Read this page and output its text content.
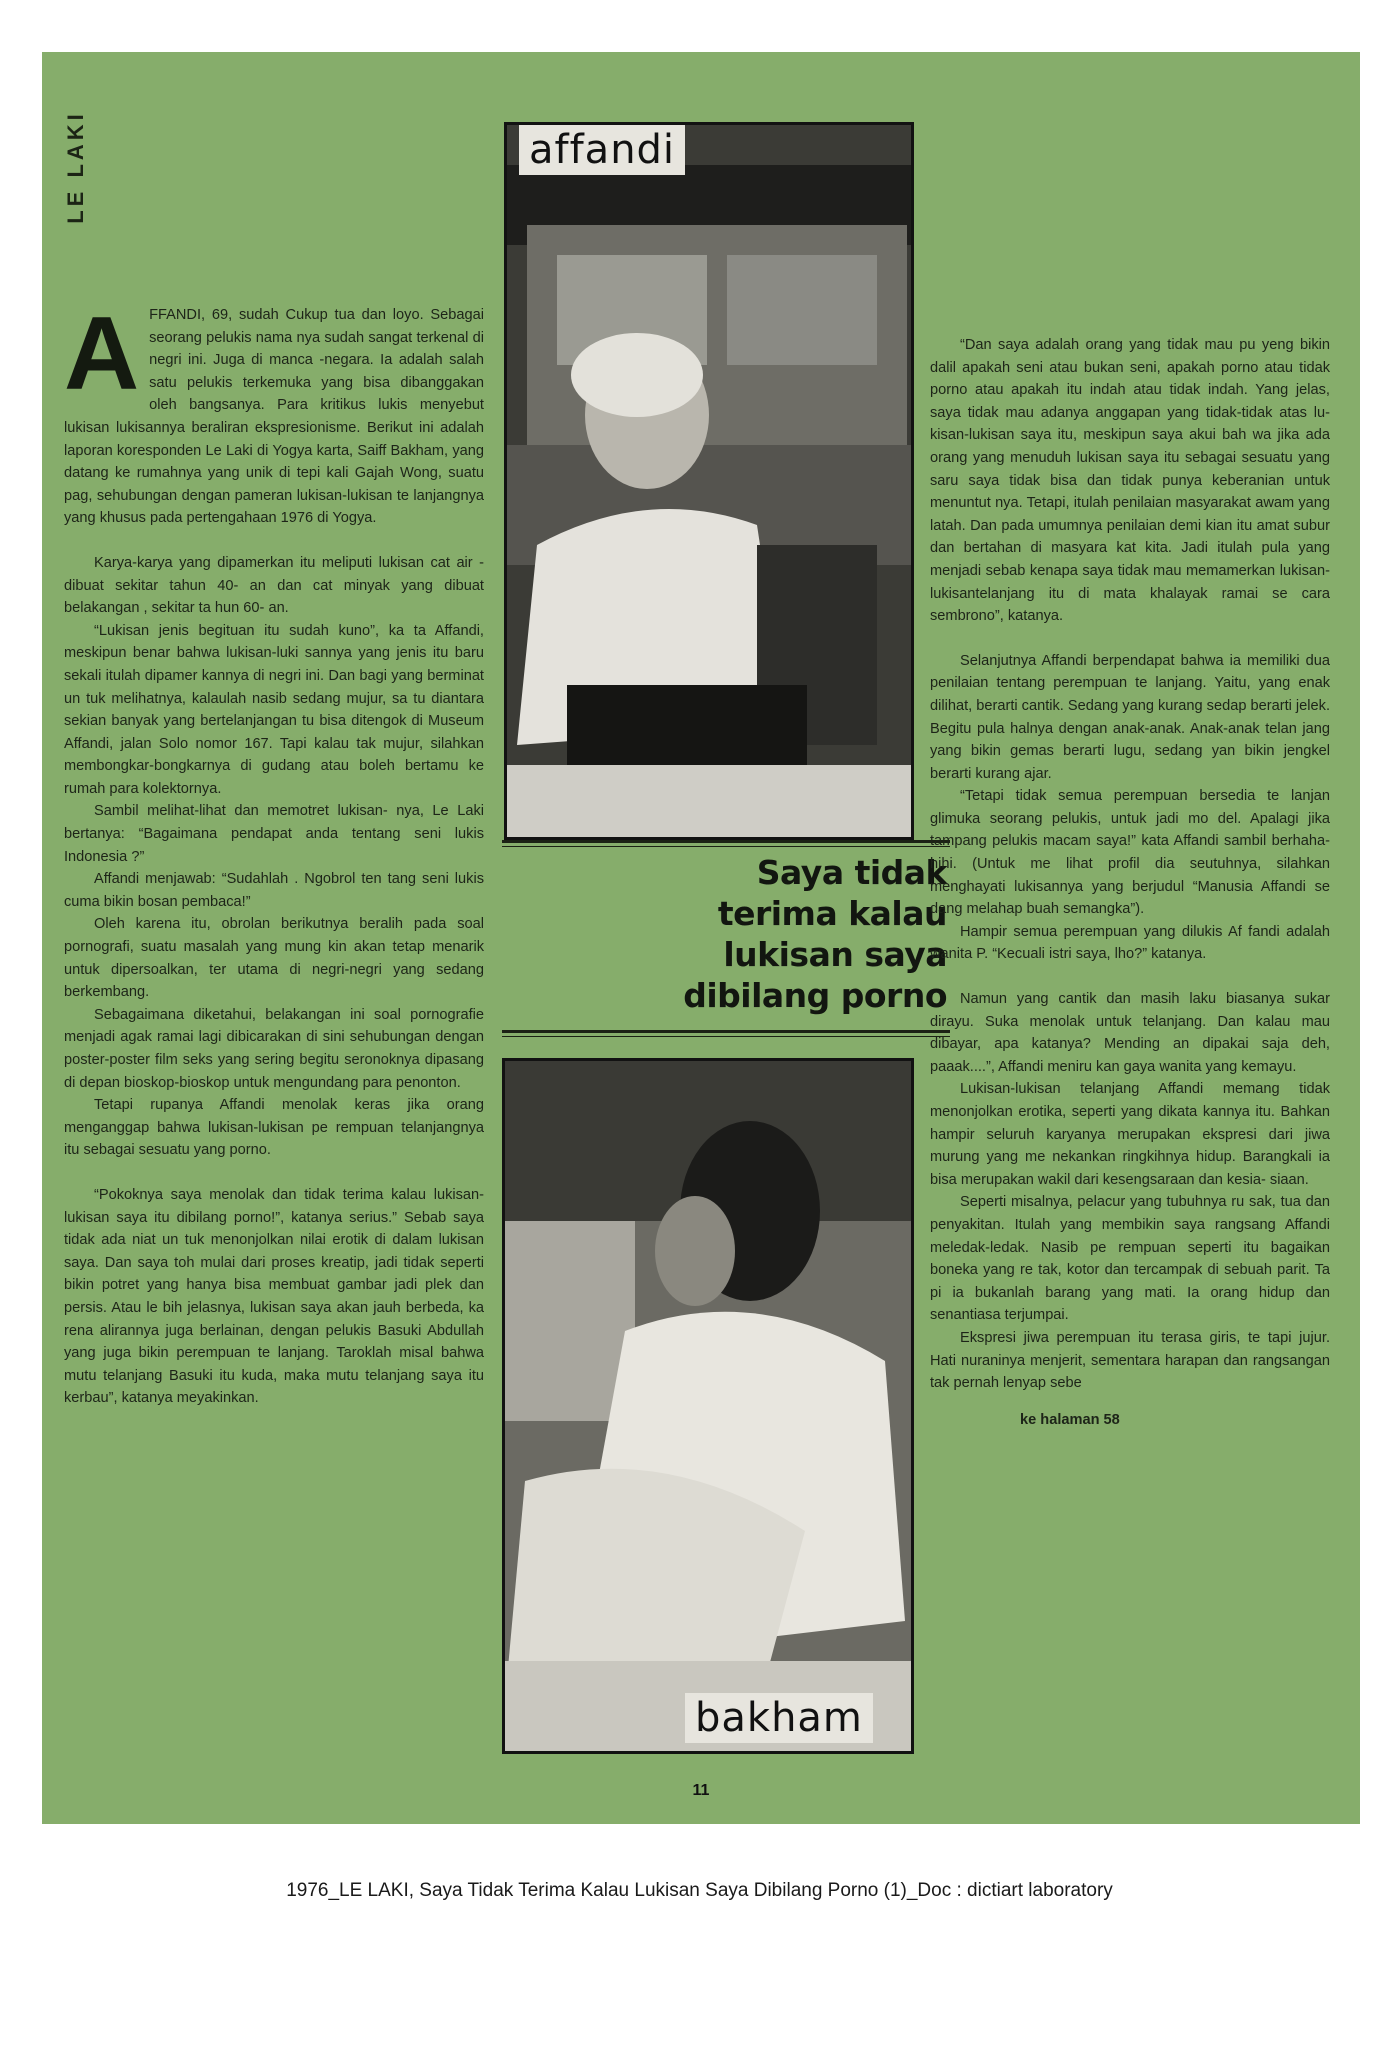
LE LAKI	affandi
Saya tidak
terima kalau
lukisan saya
dibilang porno
bakham
A FFANDI, 69, sudah Cukup tua dan loyo. Sebagai seorang pelukis nama nya sudah sangat terkenal di negri ini. Juga di manca -negara. Ia adalah salah satu pelukis terkemuka yang bisa dibanggakan oleh bangsanya. Para kritikus lukis menyebut lukisan lukisannya beraliran ekspresionisme. Berikut ini adalah laporan koresponden Le Laki di Yogya karta, Saiff Bakham, yang datang ke rumahnya yang unik di tepi kali Gajah Wong, suatu pag, sehubungan dengan pameran lukisan-lukisan te lanjangnya yang khusus pada pertengahaan 1976 di Yogya.

Karya-karya yang dipamerkan itu meliputi lukisan cat air - dibuat sekitar tahun 40- an dan cat minyak yang dibuat belakangan , sekitar ta hun 60- an.

“Lukisan jenis begituan itu sudah kuno”, ka ta Affandi, meskipun benar bahwa lukisan-luki sannya yang jenis itu baru sekali itulah dipamer kannya di negri ini. Dan bagi yang berminat un tuk melihatnya, kalaulah nasib sedang mujur, sa tu diantara sekian banyak yang bertelanjangan tu bisa ditengok di Museum Affandi, jalan Solo nomor 167. Tapi kalau tak mujur, silahkan membongkar-bongkarnya di gudang atau boleh bertamu ke rumah para kolektornya.

Sambil melihat-lihat dan memotret lukisan- nya, Le Laki bertanya: “Bagaimana pendapat anda tentang seni lukis Indonesia ?”

Affandi menjawab: “Sudahlah . Ngobrol ten tang seni lukis cuma bikin bosan pembaca!”

Oleh karena itu, obrolan berikutnya beralih pada soal pornografi, suatu masalah yang mung kin akan tetap menarik untuk dipersoalkan, ter utama di negri-negri yang sedang berkembang.

Sebagaimana diketahui, belakangan ini soal pornografie menjadi agak ramai lagi dibicarakan di sini sehubungan dengan poster-poster film seks yang sering begitu seronoknya dipasang di depan bioskop-bioskop untuk mengundang para penonton.

Tetapi rupanya Affandi menolak keras jika orang menganggap bahwa lukisan-lukisan pe rempuan telanjangnya itu sebagai sesuatu yang porno.

“Pokoknya saya menolak dan tidak terima kalau lukisan-lukisan saya itu dibilang porno!”, katanya serius.” Sebab saya tidak ada niat un tuk menonjolkan nilai erotik di dalam lukisan saya. Dan saya toh mulai dari proses kreatip, jadi tidak seperti bikin potret yang hanya bisa membuat gambar jadi plek dan persis. Atau le bih jelasnya, lukisan saya akan jauh berbeda, ka rena alirannya juga berlainan, dengan pelukis Basuki Abdullah yang juga bikin perempuan te lanjang. Taroklah misal bahwa mutu telanjang Basuki itu kuda, maka mutu telanjang saya itu kerbau”, katanya meyakinkan.

“Dan saya adalah orang yang tidak mau pu yeng bikin dalil apakah seni atau bukan seni, apakah porno atau tidak porno atau apakah itu indah atau tidak indah. Yang jelas, saya tidak mau adanya anggapan yang tidak-tidak atas lu- kisan-lukisan saya itu, meskipun saya akui bah wa jika ada orang yang menuduh lukisan saya itu sebagai sesuatu yang saru saya tidak bisa dan tidak punya keberanian untuk menuntut nya. Tetapi, itulah penilaian masyarakat awam yang latah. Dan pada umumnya penilaian demi kian itu amat subur dan bertahan di masyara kat kita. Jadi itulah pula yang menjadi sebab kenapa saya tidak mau memamerkan lukisan- lukisantelanjang itu di mata khalayak ramai se cara sembrono”, katanya.

Selanjutnya Affandi berpendapat bahwa ia memiliki dua penilaian tentang perempuan te lanjang. Yaitu, yang enak dilihat, berarti cantik. Sedang yang kurang sedap berarti jelek. Begitu pula halnya dengan anak-anak. Anak-anak telan jang yang bikin gemas berarti lugu, sedang yan bikin jengkel berarti kurang ajar.

“Tetapi tidak semua perempuan bersedia te lanjan glimuka seorang pelukis, untuk jadi mo del. Apalagi jika tampang pelukis macam saya!” kata Affandi sambil berhaha-hihi. (Untuk me lihat profil dia seutuhnya, silahkan menghayati lukisannya yang berjudul “Manusia Affandi se dang melahap buah semangka”).

Hampir semua perempuan yang dilukis Af fandi adalah wanita P. “Kecuali istri saya, lho?” katanya.

Namun yang cantik dan masih laku biasanya sukar dirayu. Suka menolak untuk telanjang. Dan kalau mau dibayar, apa katanya? Mending an dipakai saja deh, paaak....”, Affandi meniru kan gaya wanita yang kemayu.

Lukisan-lukisan telanjang Affandi memang tidak menonjolkan erotika, seperti yang dikata kannya itu. Bahkan hampir seluruh karyanya merupakan ekspresi dari jiwa murung yang me nekankan ringkihnya hidup. Barangkali ia bisa merupakan wakil dari kesengsaraan dan kesia- siaan.

Seperti misalnya, pelacur yang tubuhnya ru sak, tua dan penyakitan. Itulah yang membikin saya rangsang Affandi meledak-ledak. Nasib pe rempuan seperti itu bagaikan boneka yang re tak, kotor dan tercampak di sebuah parit. Ta pi ia bukanlah barang yang mati. Ia orang hidup dan senantiasa terjumpai.

Ekspresi jiwa perempuan itu terasa giris, te tapi jujur. Hati nuraninya menjerit, sementara harapan dan rangsangan tak pernah lenyap sebe

ke halaman 58

11
1976_LE LAKI, Saya Tidak Terima Kalau Lukisan Saya Dibilang Porno (1)_Doc : dictiart laboratory
